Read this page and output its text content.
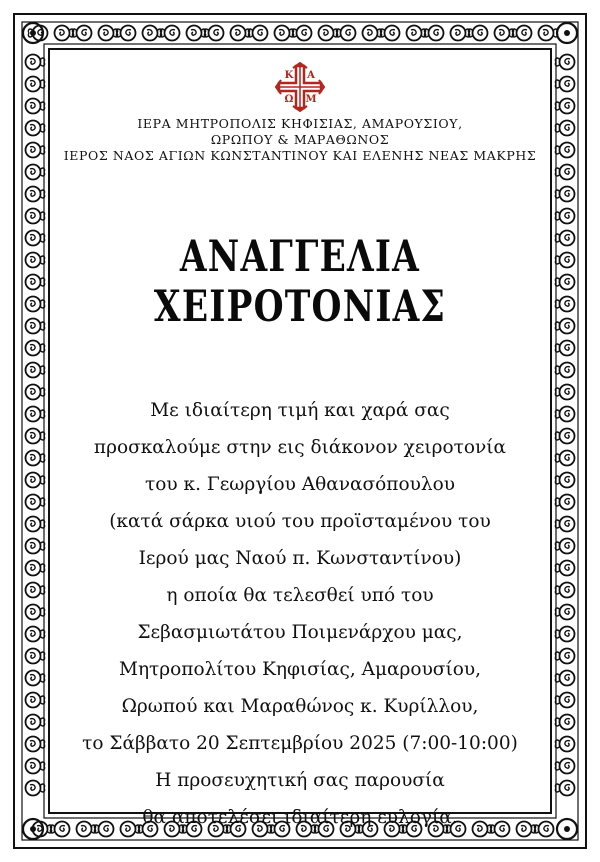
Κ Α
Ω Μ
ΙΕΡΑ ΜΗΤΡΟΠΟΛΙΣ ΚΗΦΙΣΙΑΣ, ΑΜΑΡΟΥΣΙΟΥ,
ΩΡΩΠΟΥ & ΜΑΡΑΘΩΝΟΣ
ΙΕΡΟΣ ΝΑΟΣ ΑΓΙΩΝ ΚΩΝΣΤΑΝΤΙΝΟΥ ΚΑΙ ΕΛΕΝΗΣ ΝΕΑΣ ΜΑΚΡΗΣ
ΑΝΑΓΓΕΛΙΑ ΧΕΙΡΟΤΟΝΙΑΣ
Με ιδιαίτερη τιμή και χαρά σας
προσκαλούμε στην εις διάκονον χειροτονία
του κ. Γεωργίου Αθανασόπουλου
(κατά σάρκα υιού του προϊσταμένου του
Ιερού μας Ναού π. Κωνσταντίνου)
η οποία θα τελεσθεί υπό του
Σεβασμιωτάτου Ποιμενάρχου μας,
Μητροπολίτου Κηφισίας, Αμαρουσίου,
Ωρωπού και Μαραθώνος κ. Κυρίλλου,
το Σάββατο 20 Σεπτεμβρίου 2025 (7:00-10:00)
Η προσευχητική σας παρουσία
θα αποτελέσει ιδιαίτερη ευλογία.
